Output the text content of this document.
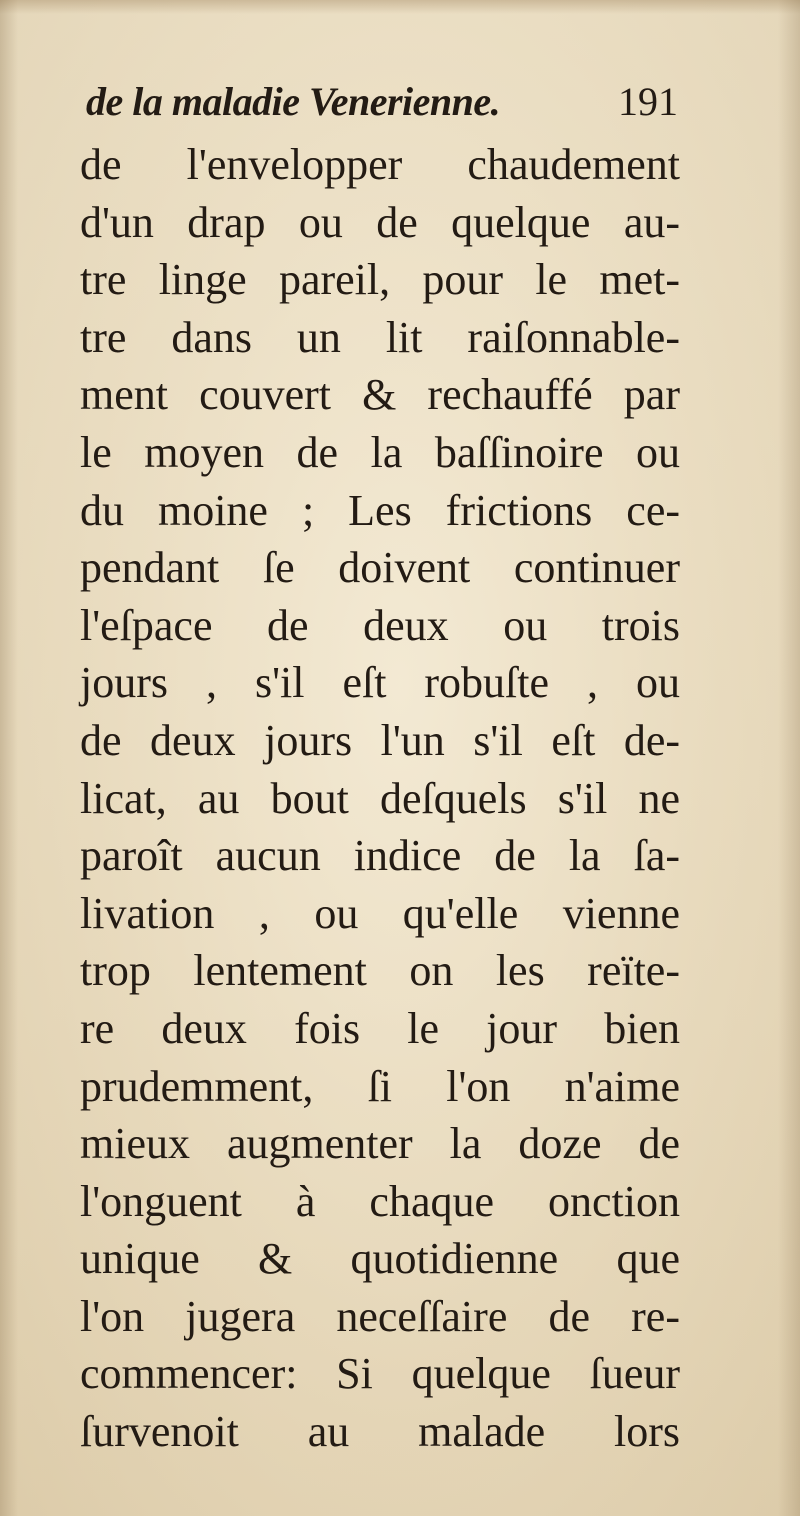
de la maladie Venerienne.	191
de l'envelopper chaudement
d'un drap ou de quelque au-
tre linge pareil, pour le met-
tre dans un lit raiſonnable-
ment couvert & rechauffé par
le moyen de la baſſinoire ou
du moine ; Les frictions ce-
pendant ſe doivent continuer
l'eſpace de deux ou trois
jours , s'il eſt robuſte , ou
de deux jours l'un s'il eſt de-
licat, au bout deſquels s'il ne
paroît aucun indice de la ſa-
livation , ou qu'elle vienne
trop lentement on les reïte-
re deux fois le jour bien
prudemment, ſi l'on n'aime
mieux augmenter la doze de
l'onguent à chaque onction
unique & quotidienne que
l'on jugera neceſſaire de re-
commencer: Si quelque ſueur
ſurvenoit au malade lors
